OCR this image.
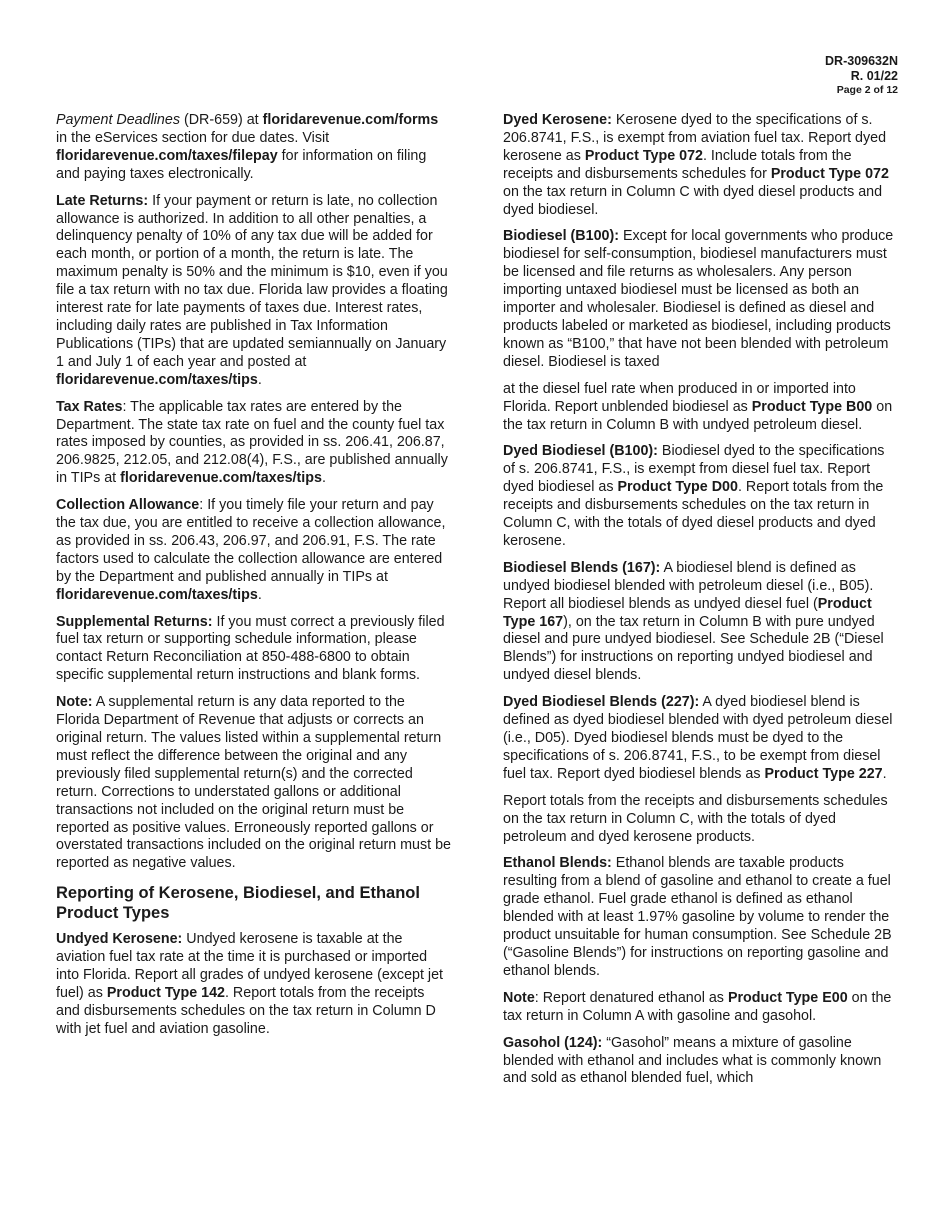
DR-309632N
R. 01/22
Page 2 of 12

Payment Deadlines (DR-659) at floridarevenue.com/forms in the eServices section for due dates. Visit floridarevenue.com/taxes/filepay for information on filing and paying taxes electronically.

Late Returns: If your payment or return is late, no collection allowance is authorized. In addition to all other penalties, a delinquency penalty of 10% of any tax due will be added for each month, or portion of a month, the return is late. The maximum penalty is 50% and the minimum is $10, even if you file a tax return with no tax due. Florida law provides a floating interest rate for late payments of taxes due. Interest rates, including daily rates are published in Tax Information Publications (TIPs) that are updated semiannually on January 1 and July 1 of each year and posted at floridarevenue.com/taxes/tips.

Tax Rates: The applicable tax rates are entered by the Department. The state tax rate on fuel and the county fuel tax rates imposed by counties, as provided in ss. 206.41, 206.87, 206.9825, 212.05, and 212.08(4), F.S., are published annually in TIPs at floridarevenue.com/taxes/tips.

Collection Allowance: If you timely file your return and pay the tax due, you are entitled to receive a collection allowance, as provided in ss. 206.43, 206.97, and 206.91, F.S. The rate factors used to calculate the collection allowance are entered by the Department and published annually in TIPs at floridarevenue.com/taxes/tips.

Supplemental Returns: If you must correct a previously filed fuel tax return or supporting schedule information, please contact Return Reconciliation at 850-488-6800 to obtain specific supplemental return instructions and blank forms.

Note: A supplemental return is any data reported to the Florida Department of Revenue that adjusts or corrects an original return. The values listed within a supplemental return must reflect the difference between the original and any previously filed supplemental return(s) and the corrected return. Corrections to understated gallons or additional transactions not included on the original return must be reported as positive values. Erroneously reported gallons or overstated transactions included on the original return must be reported as negative values.

Reporting of Kerosene, Biodiesel, and Ethanol Product Types

Undyed Kerosene: Undyed kerosene is taxable at the aviation fuel tax rate at the time it is purchased or imported into Florida. Report all grades of undyed kerosene (except jet fuel) as Product Type 142. Report totals from the receipts and disbursements schedules on the tax return in Column D with jet fuel and aviation gasoline.

Dyed Kerosene: Kerosene dyed to the specifications of s. 206.8741, F.S., is exempt from aviation fuel tax. Report dyed kerosene as Product Type 072. Include totals from the receipts and disbursements schedules for Product Type 072 on the tax return in Column C with dyed diesel products and dyed biodiesel.

Biodiesel (B100): Except for local governments who produce biodiesel for self-consumption, biodiesel manufacturers must be licensed and file returns as wholesalers. Any person importing untaxed biodiesel must be licensed as both an importer and wholesaler. Biodiesel is defined as diesel and products labeled or marketed as biodiesel, including products known as “B100,” that have not been blended with petroleum diesel. Biodiesel is taxed

at the diesel fuel rate when produced in or imported into Florida. Report unblended biodiesel as Product Type B00 on the tax return in Column B with undyed petroleum diesel.

Dyed Biodiesel (B100): Biodiesel dyed to the specifications of s. 206.8741, F.S., is exempt from diesel fuel tax. Report dyed biodiesel as Product Type D00. Report totals from the receipts and disbursements schedules on the tax return in Column C, with the totals of dyed diesel products and dyed kerosene.

Biodiesel Blends (167): A biodiesel blend is defined as undyed biodiesel blended with petroleum diesel (i.e., B05). Report all biodiesel blends as undyed diesel fuel (Product Type 167), on the tax return in Column B with pure undyed diesel and pure undyed biodiesel. See Schedule 2B (“Diesel Blends”) for instructions on reporting undyed biodiesel and undyed diesel blends.

Dyed Biodiesel Blends (227): A dyed biodiesel blend is defined as dyed biodiesel blended with dyed petroleum diesel (i.e., D05). Dyed biodiesel blends must be dyed to the specifications of s. 206.8741, F.S., to be exempt from diesel fuel tax. Report dyed biodiesel blends as Product Type 227.

Report totals from the receipts and disbursements schedules on the tax return in Column C, with the totals of dyed petroleum and dyed kerosene products.

Ethanol Blends: Ethanol blends are taxable products resulting from a blend of gasoline and ethanol to create a fuel grade ethanol. Fuel grade ethanol is defined as ethanol blended with at least 1.97% gasoline by volume to render the product unsuitable for human consumption. See Schedule 2B (“Gasoline Blends”) for instructions on reporting gasoline and ethanol blends.

Note: Report denatured ethanol as Product Type E00 on the tax return in Column A with gasoline and gasohol.

Gasohol (124): “Gasohol” means a mixture of gasoline blended with ethanol and includes what is commonly known and sold as ethanol blended fuel, which
